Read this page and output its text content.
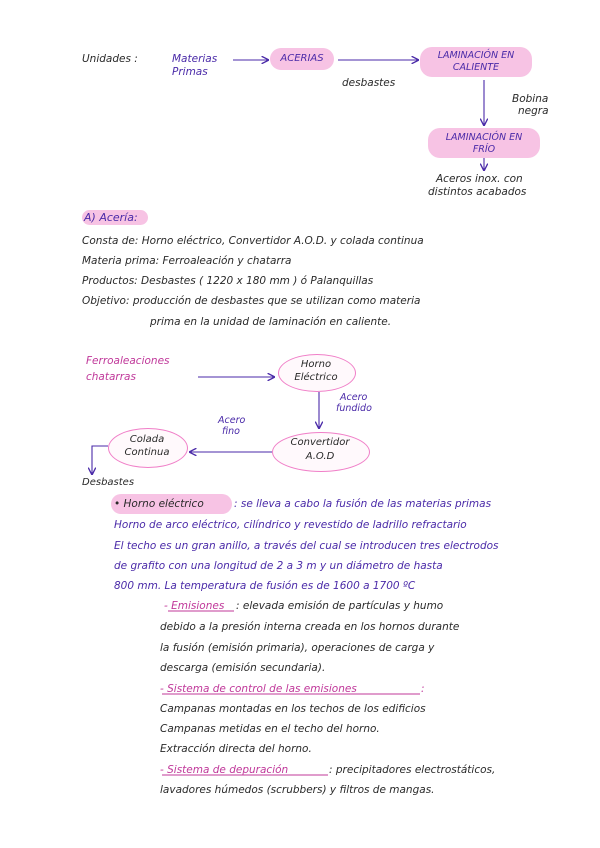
Unidades :	Materias
Primas
ACERIAS
desbastes
LAMINACIÓN EN
CALIENTE
Bobina
negra
LAMINACIÓN EN
FRÍO
Aceros inox. con
distintos acabados
A) Acería:
Consta de: Horno eléctrico, Convertidor A.O.D. y colada continua
Materia prima: Ferroaleación y chatarra
Productos: Desbastes ( 1220 x 180 mm ) ó Palanquillas
Objetivo: producción de desbastes que se utilizan como materia
prima en la unidad de laminación en caliente.
Ferroaleaciones
chatarras
Horno
Eléctrico
Acero
fundido
Acero
fino
Convertidor
A.O.D
Colada
Continua
Desbastes
• Horno eléctrico	: se lleva a cabo la fusión de las materias primas
Horno de arco eléctrico, cilíndrico y revestido de ladrillo refractario
El techo es un gran anillo, a través del cual se introducen tres electrodos
de grafito con una longitud de 2 a 3 m y un diámetro de hasta
800 mm. La temperatura de fusión es de 1600 a 1700 ºC
- Emisiones : elevada emisión de partículas y humo
debido a la presión interna creada en los hornos durante
la fusión (emisión primaria), operaciones de carga y
descarga (emisión secundaria).
- Sistema de control de las emisiones	:
Campanas montadas en los techos de los edificios
Campanas metidas en el techo del horno.
Extracción directa del horno.
- Sistema de depuración	: precipitadores electrostáticos,
lavadores húmedos (scrubbers) y filtros de mangas.
